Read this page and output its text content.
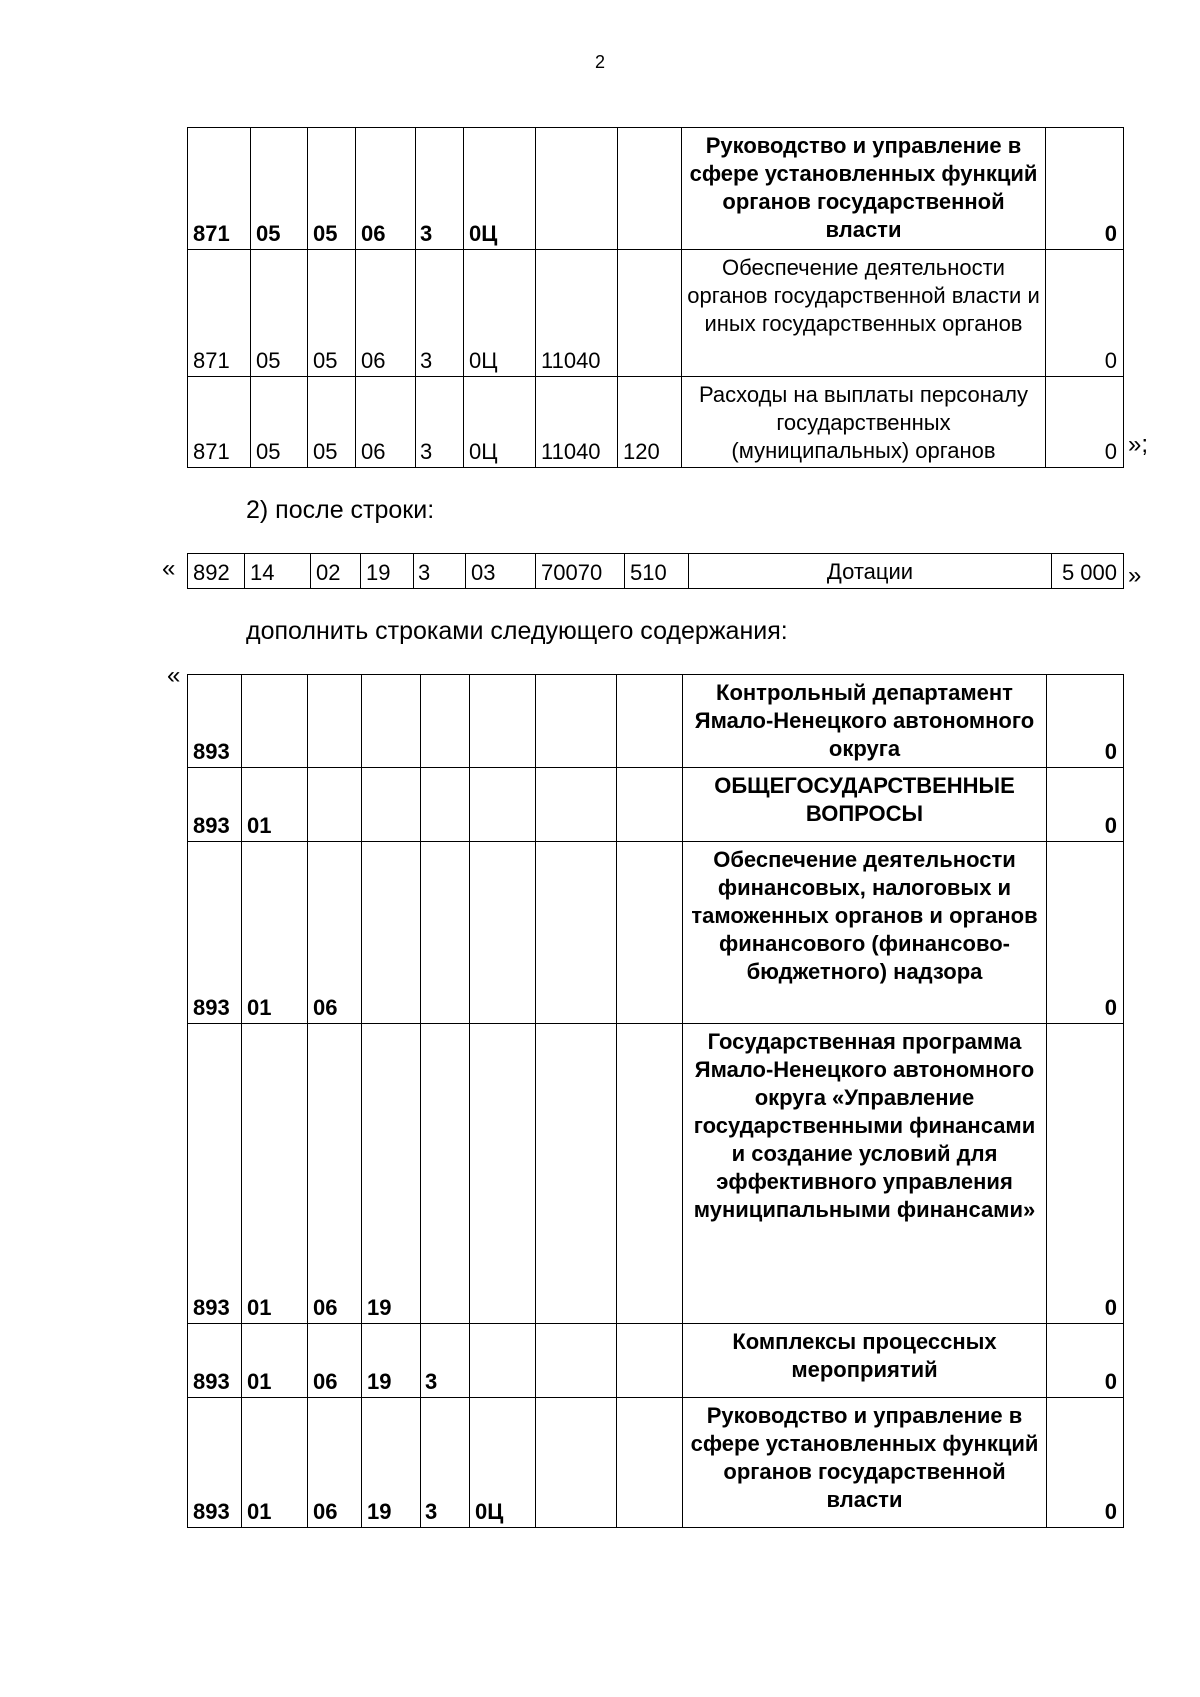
2
871	05	05	06	3	0Ц			Руководство и управление в сфере установленных функций органов государственной власти	0
871	05	05	06	3	0Ц	11040		Обеспечение деятельности органов государственной власти и иных государственных органов	0
871	05	05	06	3	0Ц	11040	120	Расходы на выплаты персоналу государственных (муниципальных) органов	0 »;
2) после строки:
« 892	14	02	19	3	03	70070	510	Дотации	5 000 »
дополнить строками следующего содержания:
«
893								Контрольный департамент Ямало-Ненецкого автономного округа	0
893	01							ОБЩЕГОСУДАРСТВЕННЫЕ ВОПРОСЫ	0
893	01	06						Обеспечение деятельности финансовых, налоговых и таможенных органов и органов финансового (финансово-бюджетного) надзора	0
893	01	06	19					Государственная программа Ямало-Ненецкого автономного округа «Управление государственными финансами и создание условий для эффективного управления муниципальными финансами»	0
893	01	06	19	3				Комплексы процессных мероприятий	0
893	01	06	19	3	0Ц			Руководство и управление в сфере установленных функций органов государственной власти	0
